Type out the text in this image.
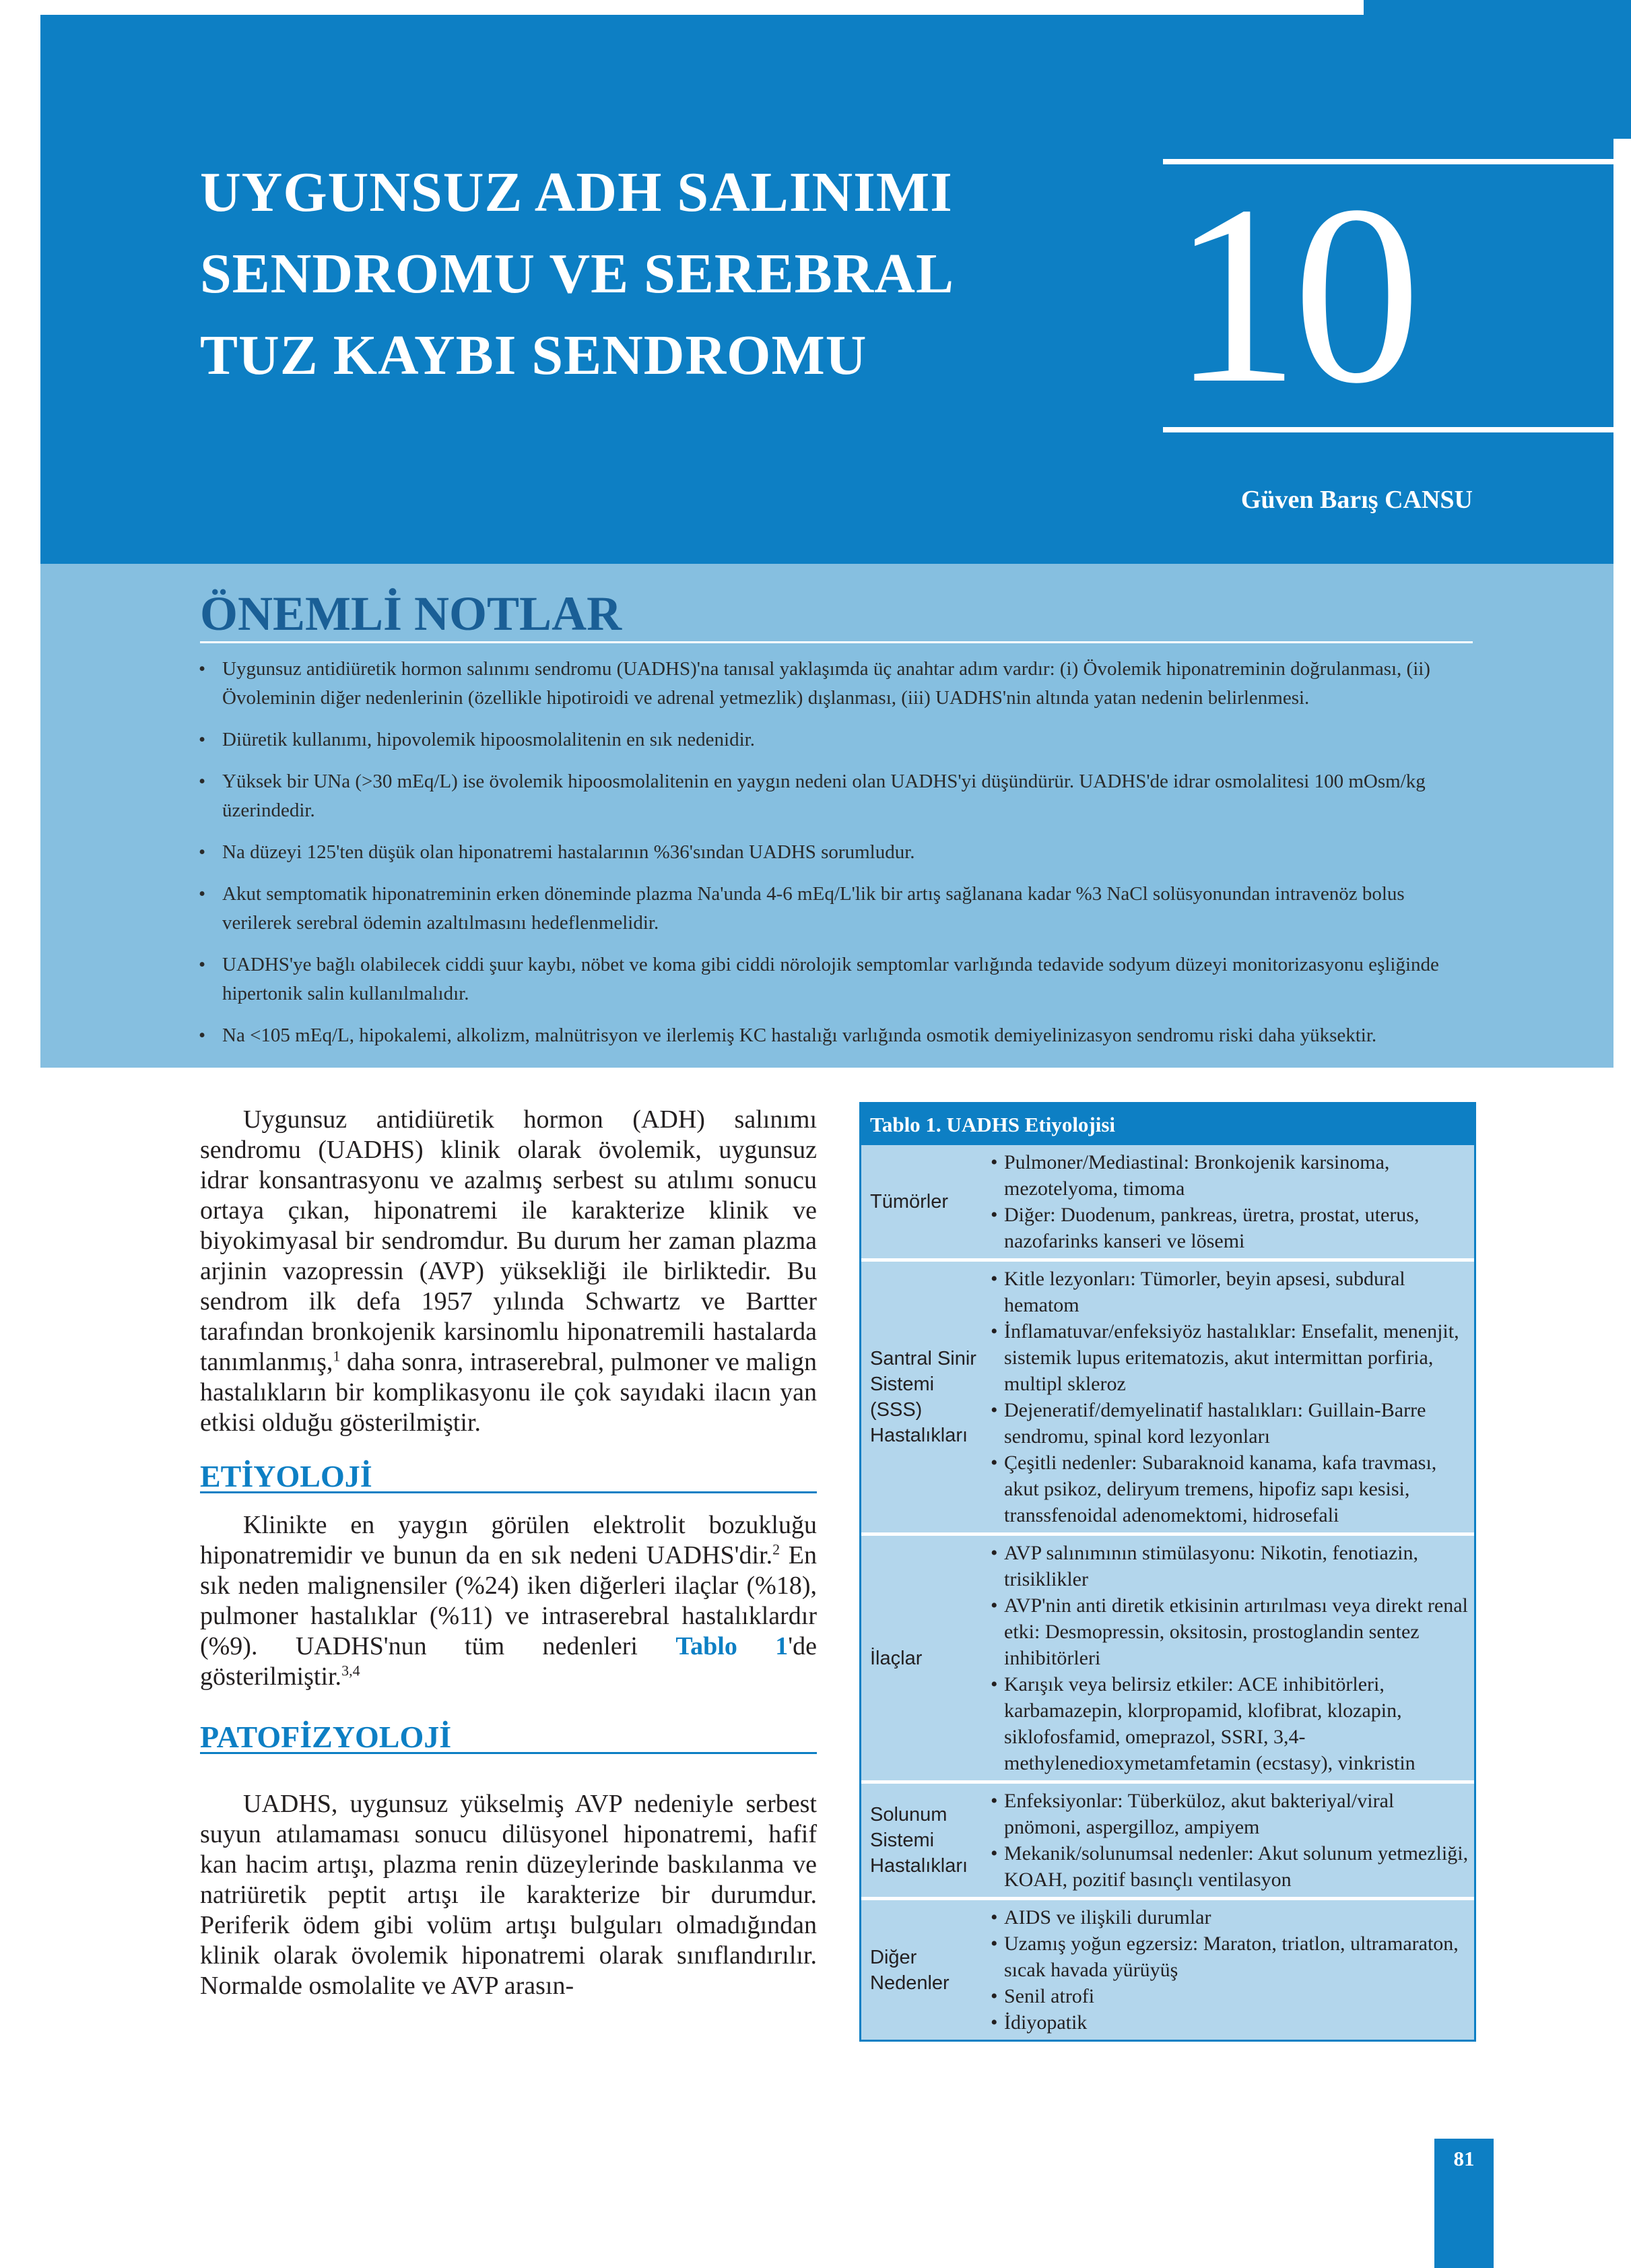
UYGUNSUZ ADH SALINIMI
SENDROMU VE SEREBRAL
TUZ KAYBI SENDROMU	10
Güven Barış CANSU
ÖNEMLİ NOTLAR
• Uygunsuz antidiüretik hormon salınımı sendromu (UADHS)'na tanısal yaklaşımda üç anahtar adım vardır: (i) Övolemik hiponatreminin doğrulanması, (ii) Övoleminin diğer nedenlerinin (özellikle hipotiroidi ve adrenal yetmezlik) dışlanması, (iii) UADHS'nin altında yatan nedenin belirlenmesi.
• Diüretik kullanımı, hipovolemik hipoosmolalitenin en sık nedenidir.
• Yüksek bir UNa (>30 mEq/L) ise övolemik hipoosmolalitenin en yaygın nedeni olan UADHS'yi düşündürür. UADHS'de idrar osmolalitesi 100 mOsm/kg üzerindedir.
• Na düzeyi 125'ten düşük olan hiponatremi hastalarının %36'sından UADHS sorumludur.
• Akut semptomatik hiponatreminin erken döneminde plazma Na'unda 4-6 mEq/L'lik bir artış sağlanana kadar %3 NaCl solüsyonundan intravenöz bolus verilerek serebral ödemin azaltılmasını hedeflenmelidir.
• UADHS'ye bağlı olabilecek ciddi şuur kaybı, nöbet ve koma gibi ciddi nörolojik semptomlar varlığında tedavide sodyum düzeyi monitorizasyonu eşliğinde hipertonik salin kullanılmalıdır.
• Na <105 mEq/L, hipokalemi, alkolizm, malnütrisyon ve ilerlemiş KC hastalığı varlığında osmotik demiyelinizasyon sendromu riski daha yüksektir.

Uygunsuz antidiüretik hormon (ADH) salınımı sendromu (UADHS) klinik olarak övolemik, uygunsuz idrar konsantrasyonu ve azalmış serbest su atılımı sonucu ortaya çıkan, hiponatremi ile karakterize klinik ve biyokimyasal bir sendromdur. Bu durum her zaman plazma arjinin vazopressin (AVP) yüksekliği ile birliktedir. Bu sendrom ilk defa 1957 yılında Schwartz ve Bartter tarafından bronkojenik karsinomlu hiponatremili hastalarda tanımlanmış,$^1$ daha sonra, intraserebral, pulmoner ve malign hastalıkların bir komplikasyonu ile çok sayıdaki ilacın yan etkisi olduğu gösterilmiştir.

ETİYOLOJİ

Klinikte en yaygın görülen elektrolit bozukluğu hiponatremidir ve bunun da en sık nedeni UADHS'dir.$^2$ En sık neden malignensiler (%24) iken diğerleri ilaçlar (%18), pulmoner hastalıklar (%11) ve intraserebral hastalıklardır (%9). UADHS'nun tüm nedenleri Tablo 1'de gösterilmiştir.$^{3,4}$

PATOFİZYOLOJİ

UADHS, uygunsuz yükselmiş AVP nedeniyle serbest suyun atılamaması sonucu dilüsyonel hiponatremi, hafif kan hacim artışı, plazma renin düzeylerinde baskılanma ve natriüretik peptit artışı ile karakterize bir durumdur. Periferik ödem gibi volüm artışı bulguları olmadığından klinik olarak övolemik hiponatremi olarak sınıflandırılır. Normalde osmolalite ve AVP arasın-

Tablo 1. UADHS Etiyolojisi
Tümörler
• Pulmoner/Mediastinal: Bronkojenik karsinoma, mezotelyoma, timoma
• Diğer: Duodenum, pankreas, üretra, prostat, uterus, nazofarinks kanseri ve lösemi
Santral Sinir Sistemi (SSS) Hastalıkları
• Kitle lezyonları: Tümorler, beyin apsesi, subdural hematom
• İnflamatuvar/enfeksiyöz hastalıklar: Ensefalit, menenjit, sistemik lupus eritematozis, akut intermittan porfiria, multipl skleroz
• Dejeneratif/demyelinatif hastalıkları: Guillain-Barre sendromu, spinal kord lezyonları
• Çeşitli nedenler: Subaraknoid kanama, kafa travması, akut psikoz, deliryum tremens, hipofiz sapı kesisi, transsfenoidal adenomektomi, hidrosefali
İlaçlar
• AVP salınımının stimülasyonu: Nikotin, fenotiazin, trisiklikler
• AVP'nin anti diretik etkisinin artırılması veya direkt renal etki: Desmopressin, oksitosin, prostoglandin sentez inhibitörleri
• Karışık veya belirsiz etkiler: ACE inhibitörleri, karbamazepin, klorpropamid, klofibrat, klozapin, siklofosfamid, omeprazol, SSRI, 3,4-methylenedioxymetamfetamin (ecstasy), vinkristin
Solunum Sistemi Hastalıkları
• Enfeksiyonlar: Tüberküloz, akut bakteriyal/viral pnömoni, aspergilloz, ampiyem
• Mekanik/solunumsal nedenler: Akut solunum yetmezliği, KOAH, pozitif basınçlı ventilasyon
Diğer Nedenler
• AIDS ve ilişkili durumlar
• Uzamış yoğun egzersiz: Maraton, triatlon, ultramaraton, sıcak havada yürüyüş
• Senil atrofi
• İdiyopatik
81
